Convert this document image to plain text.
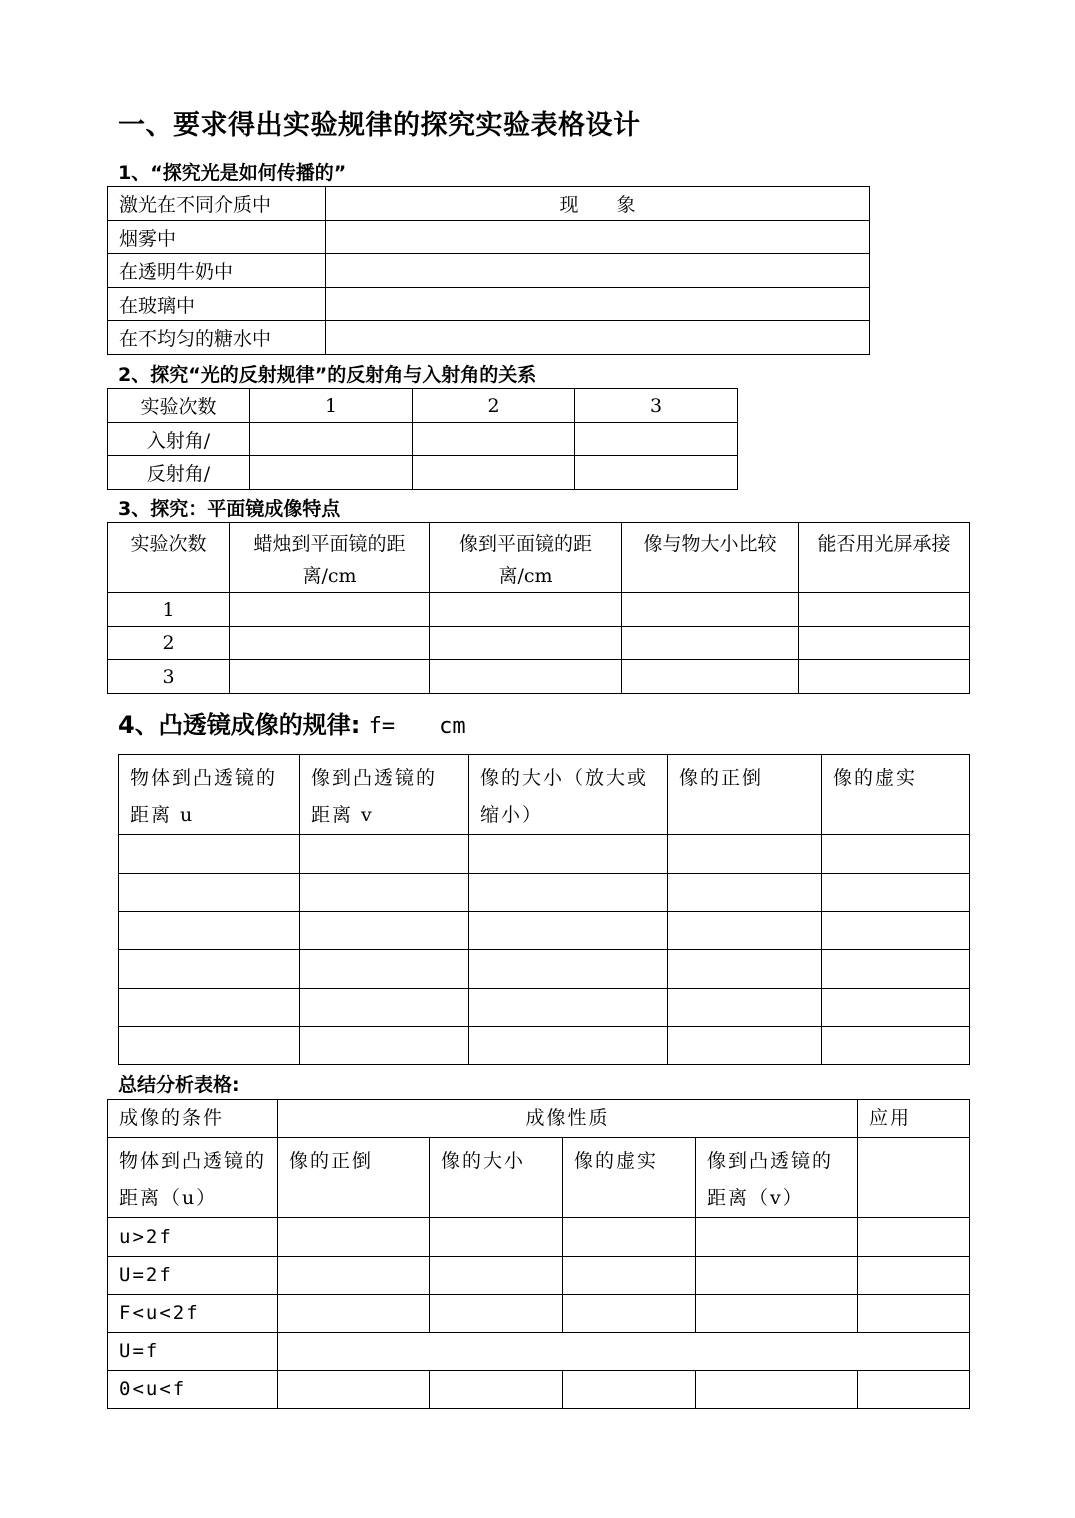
一、要求得出实验规律的探究实验表格设计

1、“探究光是如何传播的”

激光在不同介质中	现　　象
烟雾中	
在透明牛奶中	
在玻璃中	
在不均匀的糖水中	

2、探究“光的反射规律”的反射角与入射角的关系

实验次数	1	2	3
入射角/			
反射角/			

3、探究：平面镜成像特点

实验次数	蜡烛到平面镜的距离/cm	像到平面镜的距离/cm	像与物大小比较	能否用光屏承接
1				
2				
3				

4、凸透镜成像的规律: f=　　cm

物体到凸透镜的距离 u	像到凸透镜的距离 v	像的大小（放大或缩小）	像的正倒	像的虚实

总结分析表格:

成像的条件	成像性质				应用
物体到凸透镜的距离（u）	像的正倒	像的大小	像的虚实	像到凸透镜的距离（v）	
u>2f					
U=2f					
F<u<2f					
U=f					
0<u<f					
